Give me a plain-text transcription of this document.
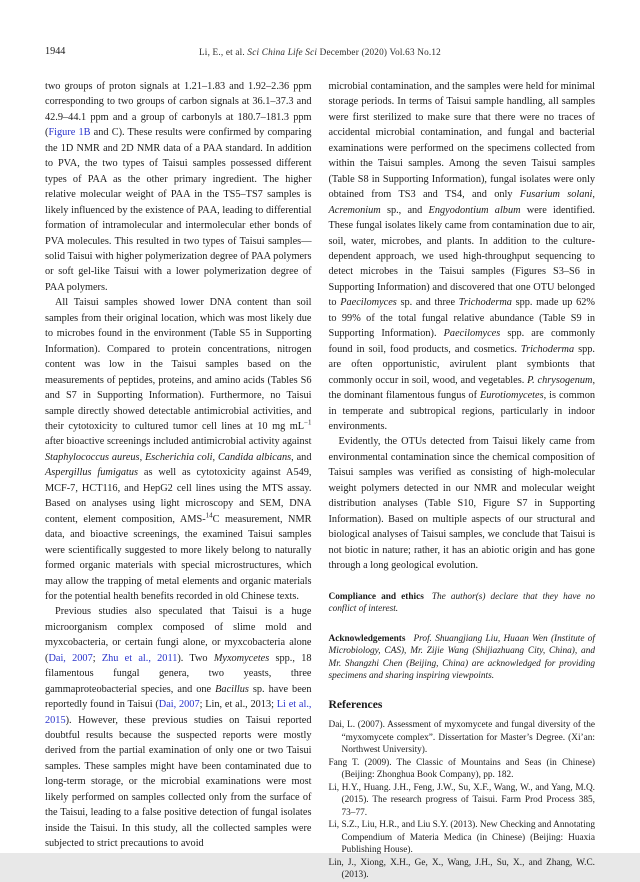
1944	Li, E., et al. Sci China Life Sci December (2020) Vol.63 No.12

two groups of proton signals at 1.21–1.83 and 1.92–2.36 ppm corresponding to two groups of carbon signals at 36.1–37.3 and 42.9–44.1 ppm and a group of carbonyls at 180.7–181.3 ppm (Figure 1B and C). These results were confirmed by comparing the 1D NMR and 2D NMR data of a PAA standard. In addition to PVA, the two types of Taisui samples possessed different types of PAA as the other primary ingredient. The higher relative molecular weight of PAA in the TS5–TS7 samples is likely influenced by the existence of PAA, leading to differential formation of intramolecular and intermolecular ether bonds of PVA molecules. This resulted in two types of Taisui samples—solid Taisui with higher polymerization degree of PAA polymers or soft gel-like Taisui with a lower polymerization degree of PAA polymers.

All Taisui samples showed lower DNA content than soil samples from their original location, which was most likely due to microbes found in the environment (Table S5 in Supporting Information). Compared to protein concentrations, nitrogen content was low in the Taisui samples based on the measurements of peptides, proteins, and amino acids (Tables S6 and S7 in Supporting Information). Furthermore, no Taisui sample directly showed detectable antimicrobial activities, and their cytotoxicity to cultured tumor cell lines at 10 mg $mL^{-1}$ after bioactive screenings included antimicrobial activity against Staphylococcus aureus, Escherichia coli, Candida albicans, and Aspergillus fumigatus as well as cytotoxicity against A549, MCF-7, HCT116, and HepG2 cell lines using the MTS assay. Based on analyses using light microscopy and SEM, DNA content, element composition, AMS-$^{14}$C measurement, NMR data, and bioactive screenings, the examined Taisui samples were scientifically suggested to more likely belong to naturally formed organic materials with special microstructures, which may allow the trapping of metal elements and organic materials for the potential health benefits recorded in old Chinese texts.

Previous studies also speculated that Taisui is a huge microorganism complex composed of slime mold and myxcobacteria, or certain fungi alone, or myxcobacteria alone (Dai, 2007; Zhu et al., 2011). Two Myxomycetes spp., 18 filamentous fungal genera, two yeasts, three gammaproteobacterial species, and one Bacillus sp. have been reportedly found in Taisui (Dai, 2007; Lin, et al., 2013; Li et al., 2015). However, these previous studies on Taisui reported doubtful results because the suspected reports were mostly derived from the partial examination of only one or two Taisui samples. These samples might have been contaminated due to long-term storage, or the microbial examinations were most likely performed on samples collected only from the surface of the Taisui, leading to a false positive detection of fungal isolates inside the Taisui. In this study, all the collected samples were subjected to strict precautions to avoid

microbial contamination, and the samples were held for minimal storage periods. In terms of Taisui sample handling, all samples were first sterilized to make sure that there were no traces of accidental microbial contamination, and fungal and bacterial examinations were performed on the specimens collected from within the Taisui samples. Among the seven Taisui samples (Table S8 in Supporting Information), fungal isolates were only obtained from TS3 and TS4, and only Fusarium solani, Acremonium sp., and Engyodontium album were identified. These fungal isolates likely came from contamination due to air, soil, water, microbes, and plants. In addition to the culture-dependent approach, we used high-throughput sequencing to detect microbes in the Taisui samples (Figures S3–S6 in Supporting Information) and discovered that one OTU belonged to Paecilomyces sp. and three Trichoderma spp. made up 62% to 99% of the total fungal relative abundance (Table S9 in Supporting Information). Paecilomyces spp. are commonly found in soil, food products, and cosmetics. Trichoderma spp. are often opportunistic, avirulent plant symbionts that commonly occur in soil, wood, and vegetables. P. chrysogenum, the dominant filamentous fungus of Eurotiomycetes, is common in temperate and subtropical regions, particularly in indoor environments.

Evidently, the OTUs detected from Taisui likely came from environmental contamination since the chemical composition of Taisui samples was verified as consisting of high-molecular weight polymers detected in our NMR and molecular weight distribution analyses (Table S10, Figure S7 in Supporting Information). Based on multiple aspects of our structural and biological analyses of Taisui samples, we conclude that Taisui is not biotic in nature; rather, it has an abiotic origin and has gone through a long geological evolution.

Compliance and ethics The author(s) declare that they have no conflict of interest.

Acknowledgements Prof. Shuangjiang Liu, Huaan Wen (Institute of Microbiology, CAS), Mr. Zijie Wang (Shijiazhuang City, China), and Mr. Shangzhi Chen (Beijing, China) are acknowledged for providing specimens and sharing inspiring viewpoints.

References

Dai, L. (2007). Assessment of myxomycete and fungal diversity of the “myxomycete complex”. Dissertation for Master’s Degree. (Xi’an: Northwest University).

Fang T. (2009). The Classic of Mountains and Seas (in Chinese) (Beijing: Zhonghua Book Company), pp. 182.

Li, H.Y., Huang. J.H., Feng, J.W., Su, X.F., Wang, W., and Yang, M.Q. (2015). The research progress of Taisui. Farm Prod Process 385, 73–77.

Li, S.Z., Liu, H.R., and Liu S.Y. (2013). New Checking and Annotating Compendium of Materia Medica (in Chinese) (Beijing: Huaxia Publishing House).

Lin, J., Xiong, X.H., Ge, X., Wang, J.H., Su, X., and Zhang, W.C. (2013).
